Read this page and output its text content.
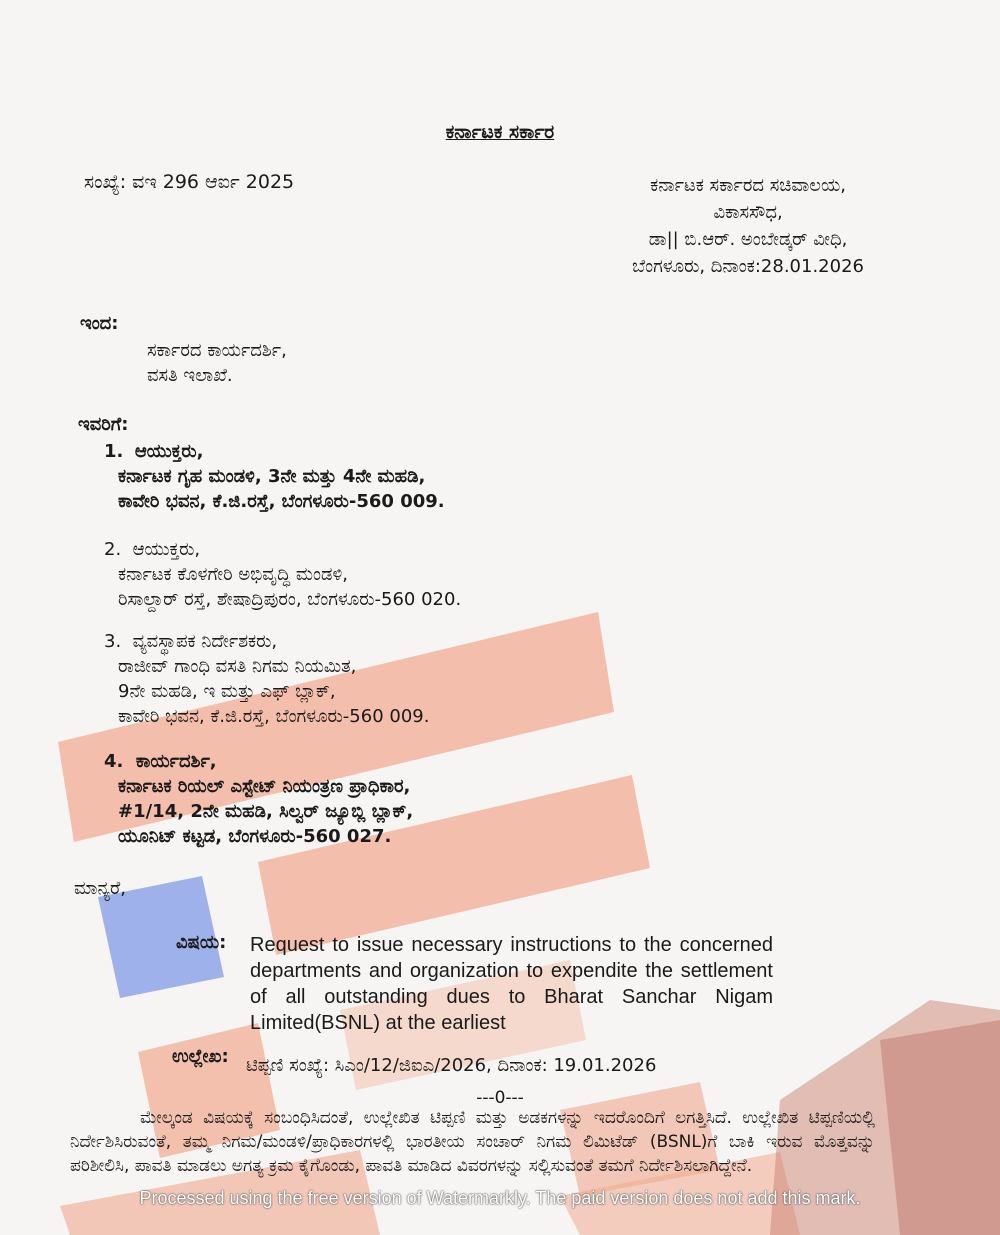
ಕರ್ನಾಟಕ ಸರ್ಕಾರ
ಸಂಖ್ಯೆ: ವಇ 296 ಆರ್ಐ 2025	ಕರ್ನಾಟಕ ಸರ್ಕಾರದ ಸಚಿವಾಲಯ,
ವಿಕಾಸಸೌಧ,
ಡಾ|| ಬಿ.ಆರ್. ಅಂಬೇಡ್ಕರ್ ವೀಧಿ,
ಬೆಂಗಳೂರು, ದಿನಾಂಕ:28.01.2026
ಇಂದ:
ಸರ್ಕಾರದ ಕಾರ್ಯದರ್ಶಿ,
ವಸತಿ ಇಲಾಖೆ.
ಇವರಿಗೆ:
1. ಆಯುಕ್ತರು,
ಕರ್ನಾಟಕ ಗೃಹ ಮಂಡಳಿ, 3ನೇ ಮತ್ತು 4ನೇ ಮಹಡಿ,
ಕಾವೇರಿ ಭವನ, ಕೆ.ಜಿ.ರಸ್ತೆ, ಬೆಂಗಳೂರು-560 009.
2. ಆಯುಕ್ತರು,
ಕರ್ನಾಟಕ ಕೊಳಗೇರಿ ಅಭಿವೃದ್ಧಿ ಮಂಡಳಿ,
ರಿಸಾಲ್ದಾರ್ ರಸ್ತೆ, ಶೇಷಾದ್ರಿಪುರಂ, ಬೆಂಗಳೂರು-560 020.
3. ವ್ಯವಸ್ಥಾಪಕ ನಿರ್ದೇಶಕರು,
ರಾಜೀವ್ ಗಾಂಧಿ ವಸತಿ ನಿಗಮ ನಿಯಮಿತ,
9ನೇ ಮಹಡಿ, ಇ ಮತ್ತು ಎಫ್ ಬ್ಲಾಕ್,
ಕಾವೇರಿ ಭವನ, ಕೆ.ಜಿ.ರಸ್ತೆ, ಬೆಂಗಳೂರು-560 009.
4. ಕಾರ್ಯದರ್ಶಿ,
ಕರ್ನಾಟಕ ರಿಯಲ್ ಎಸ್ಟೇಟ್ ನಿಯಂತ್ರಣ ಪ್ರಾಧಿಕಾರ,
#1/14, 2ನೇ ಮಹಡಿ, ಸಿಲ್ವರ್ ಜ್ಯೂಬ್ಲಿ ಬ್ಲಾಕ್,
ಯೂನಿಟ್ ಕಟ್ಟಡ, ಬೆಂಗಳೂರು-560 027.
ಮಾನ್ಯರೆ,
ವಿಷಯ: Request to issue necessary instructions to the concerned departments and organization to expendite the settlement of all outstanding dues to Bharat Sanchar Nigam Limited(BSNL) at the earliest
ಉಲ್ಲೇಖ: ಟಿಪ್ಪಣಿ ಸಂಖ್ಯೆ: ಸಿಎಂ/12/ಜಿಐಎ/2026, ದಿನಾಂಕ: 19.01.2026
---0---
ಮೇಲ್ಕಂಡ ವಿಷಯಕ್ಕೆ ಸಂಬಂಧಿಸಿದಂತೆ, ಉಲ್ಲೇಖಿತ ಟಿಪ್ಪಣಿ ಮತ್ತು ಅಡಕಗಳನ್ನು ಇದರೊಂದಿಗೆ ಲಗತ್ತಿಸಿದೆ. ಉಲ್ಲೇಖಿತ ಟಿಪ್ಪಣಿಯಲ್ಲಿ ನಿರ್ದೇಶಿಸಿರುವಂತೆ, ತಮ್ಮ ನಿಗಮ/ಮಂಡಳಿ/ಪ್ರಾಧಿಕಾರಗಳಲ್ಲಿ ಭಾರತೀಯ ಸಂಚಾರ್ ನಿಗಮ ಲಿಮಿಟೆಡ್ (BSNL)ಗೆ ಬಾಕಿ ಇರುವ ಮೊತ್ತವನ್ನು ಪರಿಶೀಲಿಸಿ, ಪಾವತಿ ಮಾಡಲು ಅಗತ್ಯ ಕ್ರಮ ಕೈಗೊಂಡು, ಪಾವತಿ ಮಾಡಿದ ವಿವರಗಳನ್ನು ಸಲ್ಲಿಸುವಂತೆ ತಮಗೆ ನಿರ್ದೇಶಿಸಲಾಗಿದ್ದೇನೆ.
Processed using the free version of Watermarkly. The paid version does not add this mark.
